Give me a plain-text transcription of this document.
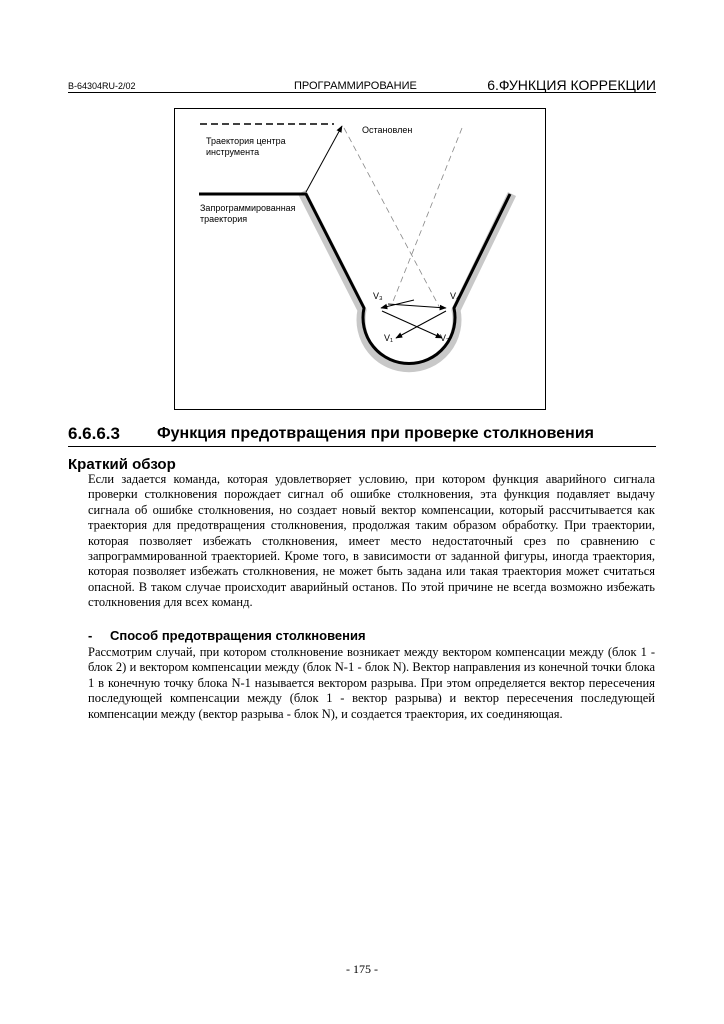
B-64304RU-2/02	ПРОГРАММИРОВАНИЕ	6.ФУНКЦИЯ КОРРЕКЦИИ
Остановлен
Траектория центра инструмента
Запрограммированная траектория
V₃	V₄
V₁	V₂
6.6.6.3 Функция предотвращения при проверке столкновения
Краткий обзор
Если задается команда, которая удовлетворяет условию, при котором функция аварийного сигнала проверки столкновения порождает сигнал об ошибке столкновения, эта функция подавляет выдачу сигнала об ошибке столкновения, но создает новый вектор компенсации, который рассчитывается как траектория для предотвращения столкновения, продолжая таким образом обработку. При траектории, которая позволяет избежать столкновения, имеет место недостаточный срез по сравнению с запрограммированной траекторией. Кроме того, в зависимости от заданной фигуры, иногда траектория, которая позволяет избежать столкновения, не может быть задана или такая траектория может считаться опасной. В таком случае происходит аварийный останов. По этой причине не всегда возможно избежать столкновения для всех команд.
- Способ предотвращения столкновения
Рассмотрим случай, при котором столкновение возникает между вектором компенсации между (блок 1 - блок 2) и вектором компенсации между (блок N-1 - блок N). Вектор направления из конечной точки блока 1 в конечную точку блока N-1 называется вектором разрыва. При этом определяется вектор пересечения последующей компенсации между (блок 1 - вектор разрыва) и вектор пересечения последующей компенсации между (вектор разрыва - блок N), и создается траектория, их соединяющая.
- 175 -
